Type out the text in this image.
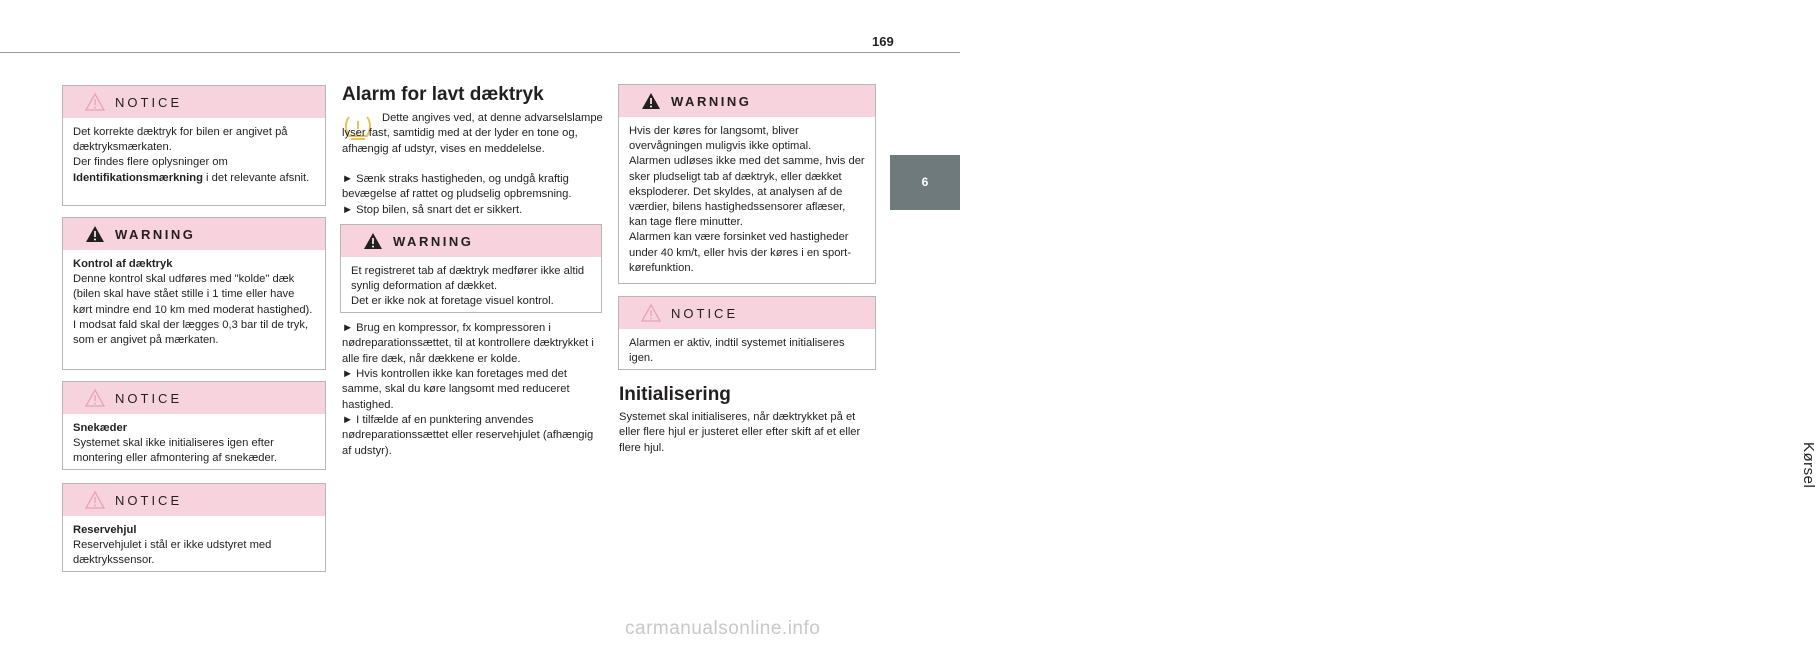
169
6
Kørsel
NOTICE
Det korrekte dæktryk for bilen er angivet på dæktryksmærkaten.
Der findes flere oplysninger om Identifikationsmærkning i det relevante afsnit.
WARNING
Kontrol af dæktryk
Denne kontrol skal udføres med "kolde" dæk (bilen skal have stået stille i 1 time eller have kørt mindre end 10 km med moderat hastighed).
I modsat fald skal der lægges 0,3 bar til de tryk, som er angivet på mærkaten.
NOTICE
Snekæder
Systemet skal ikke initialiseres igen efter montering eller afmontering af snekæder.
NOTICE
Reservehjul
Reservehjulet i stål er ikke udstyret med dæktrykssensor.
Alarm for lavt dæktryk
Dette angives ved, at denne advarselslampe lyser fast, samtidig med at der lyder en tone og, afhængig af udstyr, vises en meddelelse.
► Sænk straks hastigheden, og undgå kraftig bevægelse af rattet og pludselig opbremsning.
► Stop bilen, så snart det er sikkert.
WARNING
Et registreret tab af dæktryk medfører ikke altid synlig deformation af dækket.
Det er ikke nok at foretage visuel kontrol.
► Brug en kompressor, fx kompressoren i nødreparationssættet, til at kontrollere dæktrykket i alle fire dæk, når dækkene er kolde.
► Hvis kontrollen ikke kan foretages med det samme, skal du køre langsomt med reduceret hastighed.
► I tilfælde af en punktering anvendes nødreparationssættet eller reservehjulet (afhængig af udstyr).
WARNING
Hvis der køres for langsomt, bliver overvågningen muligvis ikke optimal.
Alarmen udløses ikke med det samme, hvis der sker pludseligt tab af dæktryk, eller dækket eksploderer. Det skyldes, at analysen af de værdier, bilens hastighedssensorer aflæser, kan tage flere minutter.
Alarmen kan være forsinket ved hastigheder under 40 km/t, eller hvis der køres i en sport-kørefunktion.
NOTICE
Alarmen er aktiv, indtil systemet initialiseres igen.
Initialisering
Systemet skal initialiseres, når dæktrykket på et eller flere hjul er justeret eller efter skift af et eller flere hjul.
carmanualsonline.info
